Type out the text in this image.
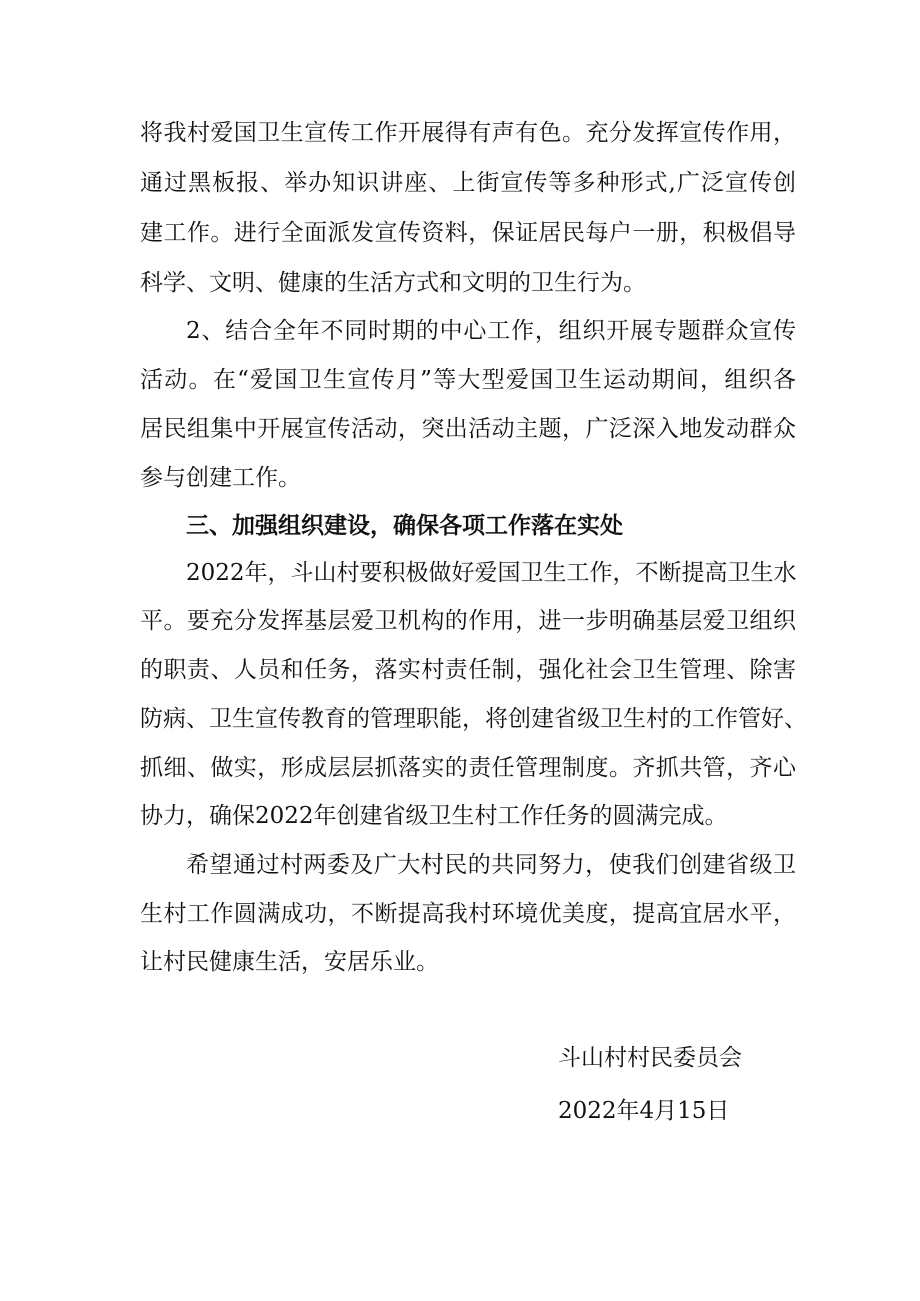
将我村爱国卫生宣传工作开展得有声有色。充分发挥宣传作用，
通过黑板报、举办知识讲座、上街宣传等多种形式,广泛宣传创
建工作。进行全面派发宣传资料，保证居民每户一册，积极倡导
科学、文明、健康的生活方式和文明的卫生行为。
2、结合全年不同时期的中心工作，组织开展专题群众宣传
活动。在“爱国卫生宣传月”等大型爱国卫生运动期间，组织各
居民组集中开展宣传活动，突出活动主题，广泛深入地发动群众
参与创建工作。
三、加强组织建设，确保各项工作落在实处
2022年，斗山村要积极做好爱国卫生工作，不断提高卫生水
平。要充分发挥基层爱卫机构的作用，进一步明确基层爱卫组织
的职责、人员和任务，落实村责任制，强化社会卫生管理、除害
防病、卫生宣传教育的管理职能，将创建省级卫生村的工作管好、
抓细、做实，形成层层抓落实的责任管理制度。齐抓共管，齐心
协力，确保2022年创建省级卫生村工作任务的圆满完成。
希望通过村两委及广大村民的共同努力，使我们创建省级卫
生村工作圆满成功，不断提高我村环境优美度，提高宜居水平，
让村民健康生活，安居乐业。
斗山村村民委员会
2022年4月15日
